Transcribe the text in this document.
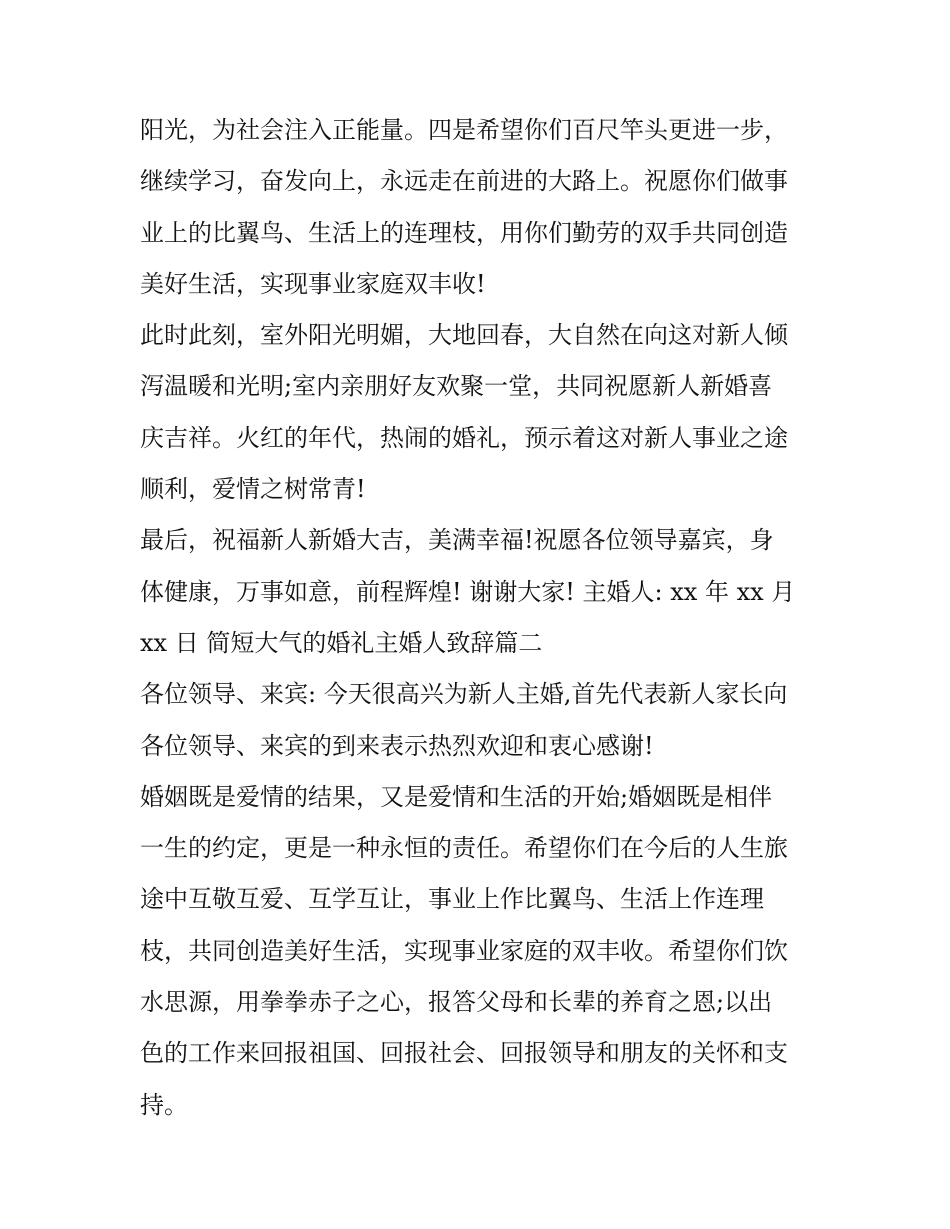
阳光，为社会注入正能量。四是希望你们百尺竿头更进一步，
继续学习，奋发向上，永远走在前进的大路上。祝愿你们做事
业上的比翼鸟、生活上的连理枝，用你们勤劳的双手共同创造
美好生活，实现事业家庭双丰收!
此时此刻，室外阳光明媚，大地回春，大自然在向这对新人倾
泻温暖和光明;室内亲朋好友欢聚一堂，共同祝愿新人新婚喜
庆吉祥。火红的年代，热闹的婚礼，预示着这对新人事业之途
顺利，爱情之树常青!
最后，祝福新人新婚大吉，美满幸福!祝愿各位领导嘉宾，身
体健康，万事如意，前程辉煌! 谢谢大家! 主婚人: xx 年 xx 月
xx 日 简短大气的婚礼主婚人致辞篇二
各位领导、来宾: 今天很高兴为新人主婚,首先代表新人家长向
各位领导、来宾的到来表示热烈欢迎和衷心感谢!
婚姻既是爱情的结果，又是爱情和生活的开始;婚姻既是相伴
一生的约定，更是一种永恒的责任。希望你们在今后的人生旅
途中互敬互爱、互学互让，事业上作比翼鸟、生活上作连理
枝，共同创造美好生活，实现事业家庭的双丰收。希望你们饮
水思源，用拳拳赤子之心，报答父母和长辈的养育之恩;以出
色的工作来回报祖国、回报社会、回报领导和朋友的关怀和支
持。
